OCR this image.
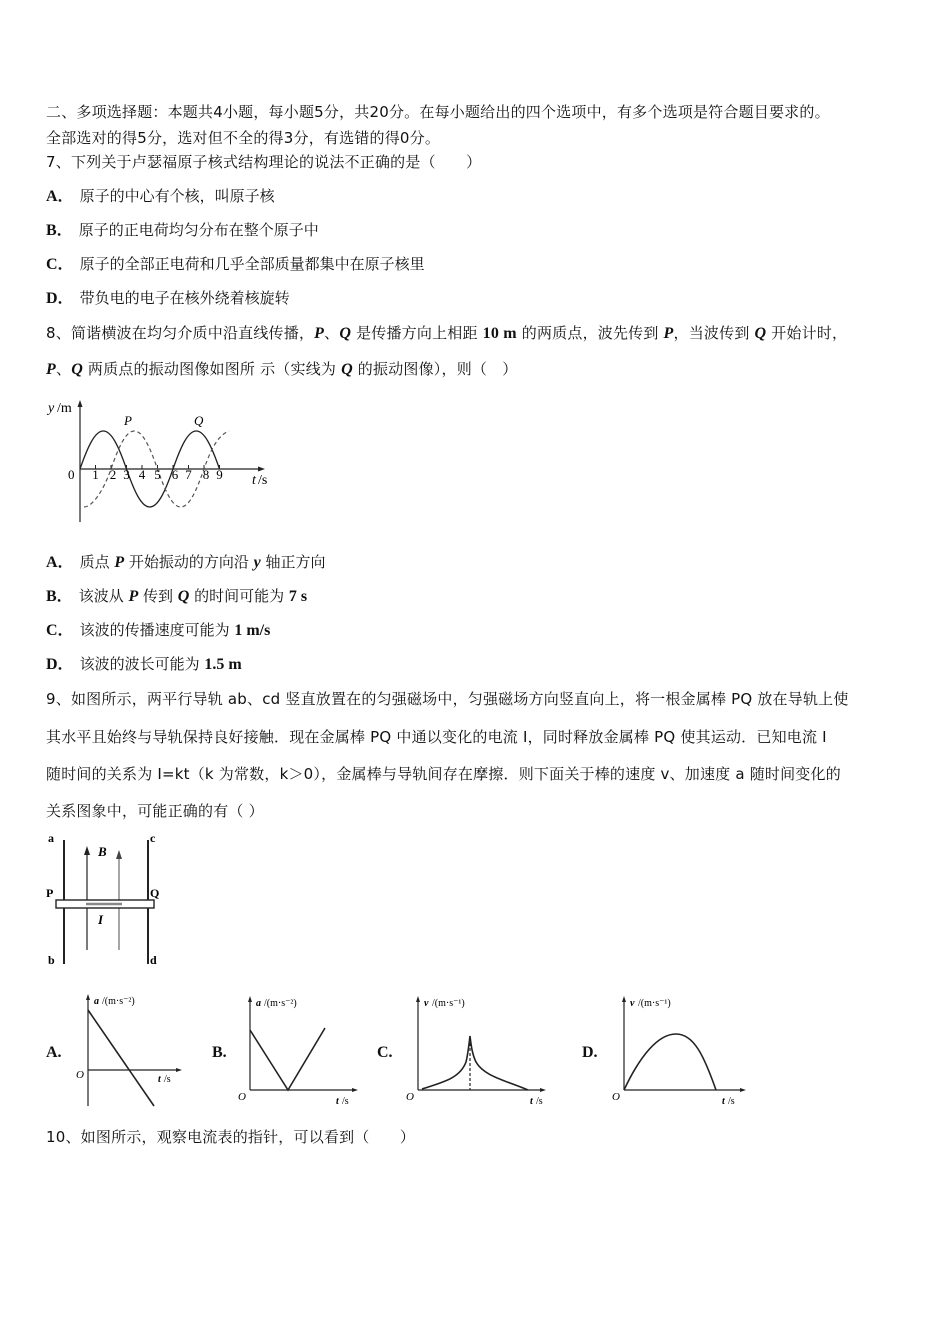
二、多项选择题：本题共4小题，每小题5分，共20分。在每小题给出的四个选项中，有多个选项是符合题目要求的。
全部选对的得5分，选对但不全的得3分，有选错的得0分。
7、下列关于卢瑟福原子核式结构理论的说法不正确的是（　　）
A． 原子的中心有个核，叫原子核
B． 原子的正电荷均匀分布在整个原子中
C． 原子的全部正电荷和几乎全部质量都集中在原子核里
D． 带负电的电子在核外绕着核旋转
8、简谐横波在均匀介质中沿直线传播，P、Q 是传播方向上相距 10 m 的两质点，波先传到 P，当波传到 Q 开始计时，
P、Q 两质点的振动图像如图所 示（实线为 Q 的振动图像），则（　）
y /m
0 1 2 3 4 5 6 7 8 9 t /s
P	Q
A． 质点 P 开始振动的方向沿 y 轴正方向
B． 该波从 P 传到 Q 的时间可能为 7 s
C． 该波的传播速度可能为 1 m/s
D． 该波的波长可能为 1.5 m
9、如图所示，两平行导轨 ab、cd 竖直放置在的匀强磁场中，匀强磁场方向竖直向上，将一根金属棒 PQ 放在导轨上使
其水平且始终与导轨保持良好接触．现在金属棒 PQ 中通以变化的电流 I，同时释放金属棒 PQ 使其运动．已知电流 I
随时间的关系为 I=kt（k 为常数，k＞0），金属棒与导轨间存在摩擦．则下面关于棒的速度 v、加速度 a 随时间变化的
关系图象中，可能正确的有（ ）
a	c
P	Q
b	d
B
I
A.
a /(m·s⁻²)
O	t /s
B.
a /(m·s⁻²)
O	t /s
C.
v /(m·s⁻¹)
O	t /s
D.
v /(m·s⁻¹)
O	t /s
10、如图所示，观察电流表的指针，可以看到（　　）
